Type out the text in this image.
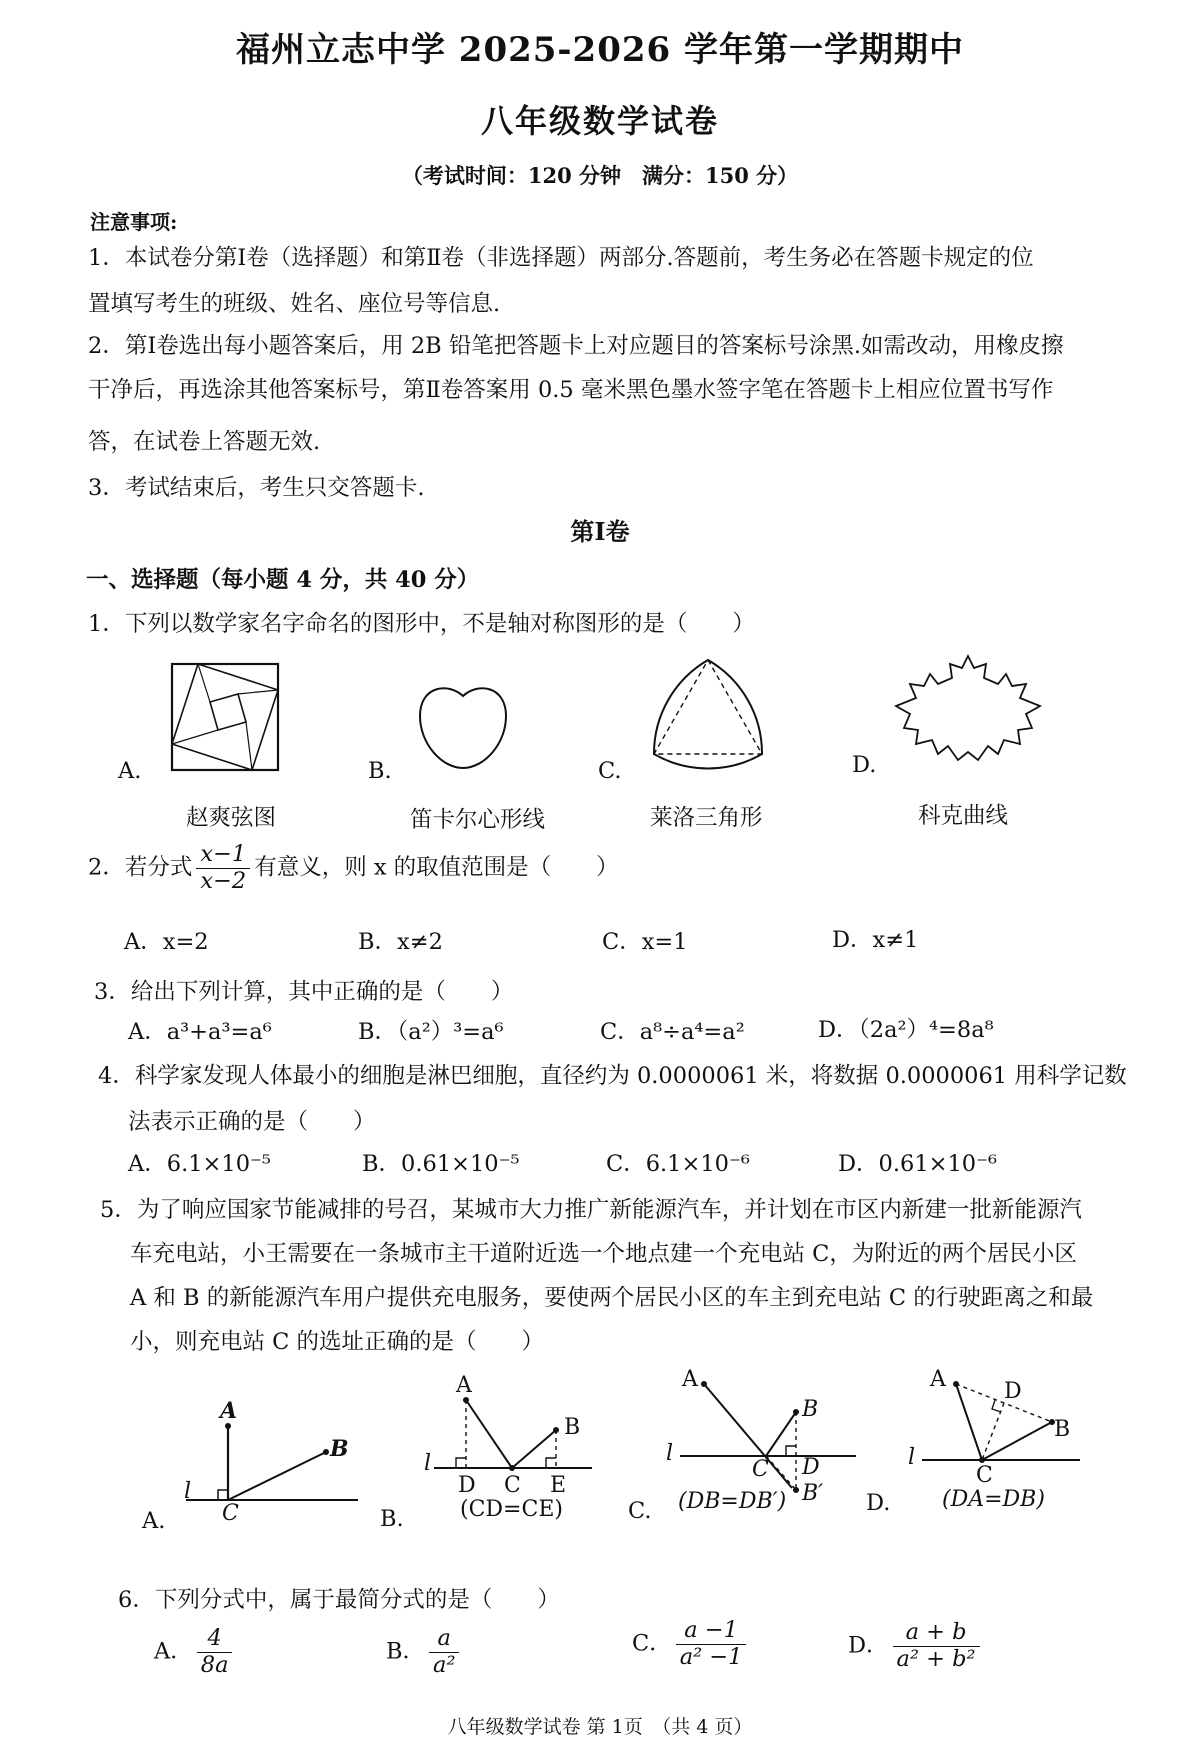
福州立志中学 2025-2026 学年第一学期期中
八年级数学试卷
（考试时间：120 分钟　满分：150 分）
注意事项:
1．本试卷分第Ⅰ卷（选择题）和第Ⅱ卷（非选择题）两部分.答题前，考生务必在答题卡规定的位
置填写考生的班级、姓名、座位号等信息.
2．第Ⅰ卷选出每小题答案后，用 2B 铅笔把答题卡上对应题目的答案标号涂黑.如需改动，用橡皮擦
干净后，再选涂其他答案标号，第Ⅱ卷答案用 0.5 毫米黑色墨水签字笔在答题卡上相应位置书写作
答，在试卷上答题无效.
3．考试结束后，考生只交答题卡.
第Ⅰ卷
一、选择题（每小题 4 分，共 40 分）
1．下列以数学家名字命名的图形中，不是轴对称图形的是（　　）
A.
赵爽弦图
B.
笛卡尔心形线
C.
莱洛三角形
D.
科克曲线
2．若分式 $\frac{x-1}{x-2}$ 有意义，则 x 的取值范围是（　　）
A．x=2	B．x≠2	C．x=1	D．x≠1
3．给出下列计算，其中正确的是（　　）
A．a³+a³=a⁶	B．（a²）³=a⁶	C．a⁸÷a⁴=a²	D．（2a²）⁴=8a⁸
4．科学家发现人体最小的细胞是淋巴细胞，直径约为 0.0000061 米，将数据 0.0000061 用科学记数
法表示正确的是（　　）
A．6.1×10⁻⁵	B．0.61×10⁻⁵	C．6.1×10⁻⁶	D．0.61×10⁻⁶
5．为了响应国家节能减排的号召，某城市大力推广新能源汽车，并计划在市区内新建一批新能源汽
车充电站，小王需要在一条城市主干道附近选一个地点建一个充电站 C，为附近的两个居民小区
A 和 B 的新能源汽车用户提供充电服务，要使两个居民小区的车主到充电站 C 的行驶距离之和最
小，则充电站 C 的选址正确的是（　　）
A.
A
B
C
l
B.
A
B
D C E
l
(CD=CE)	C.
A
B
C D
B′
l
(DB=DB′)	D.
A	D
B
C
l
(DA=DB)
6．下列分式中，属于最简分式的是（　　）
A． $\frac{4}{8a}$	B． $\frac{a}{\text{a²}}$	C． $\frac{a -1}{\text{a² −1}}$	D． $\frac{a + b}{\text{a² + b²}}$
八年级数学试卷 第 1页　（共 4 页）
